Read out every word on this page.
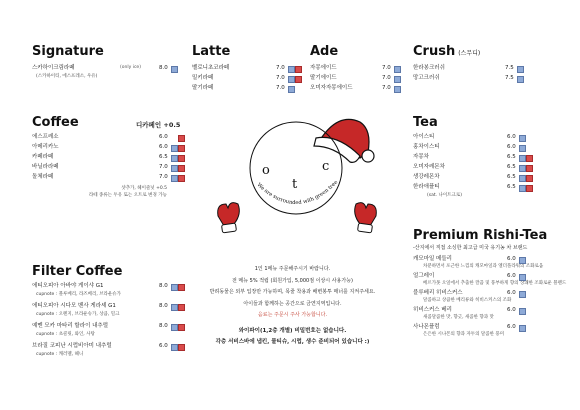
Signature
스카하이크림라떼	(only ice)	8.0
(스카하이티, 에스프레소, 우유)
Latte
벨로니초코라떼	7.0
밀키라떼	7.0
딸기라떼	7.0
Ade
자몽에이드	7.0
딸기에이드	7.0
오미자자몽에이드	7.0
Crush (스무디)
한라봉크러쉬	7.5
망고크러쉬	7.5
Coffee	디카페인 +0.5
에스프레소	6.0
아메리카노	6.0
카페라떼	6.5
바닐라라떼	7.0
돌체라떼	7.0
샷추가, 헤이즐넛 +0.5
라떼 종류는 두유 또는 오트로 변경 가능
Tea
아이스티	6.0
홍차이스티	6.0
자몽차	6.5
오미자레몬차	6.5
생강레몬차	6.5
한라애플티	6.5
(sat. 나이트크로)
Filter Coffee
에티오피아 아바야 게이샤 G1	8.0
cupnote : 블루베리, 라즈베리, 브라운슈가
에티오피아 시다모 벤사 게라셰 G1	8.0
cupnote : 오렌지, 브라운슈가, 상큼, 밀크
예멘 모카 마타리 할라이 내추럴	8.0
cupnote : 초콜릿, 와인, 사탕
브라질 코피난 시럽비아미 내추럴	6.0
cupnote : 캐러멜, 헤니
Premium Rishi-Tea
-산지에서 직접 소싱한 최고급 미국 유기농 차 브랜드
캐모마일 메들리	6.0
차분하면서 포근한 느낌의 캐모마일과 엘더플라워의 조화로움
얼그레이	6.0
베르가못 오일에서 추출한 깔끔 및 풍부하게 향의 상쾌한 조화로운 블렌드
블루베리 히비스커스	6.0
달콤하고 상큼한 베리류와 히비스커스의 조화
히비스커스 베리	6.0
새콤달콤한 맛, 향긋, 새콤한 향과 맛
사나몬플럼	6.0
은은한 시나몬의 향과 자두의 달콤한 풍미
o
t
c
We are surrounded with green tree
1인 1메뉴 주문해주시기 바랍니다.
전 메뉴 5% 적립 (회원가입, 5,000점 이상시 사용가능)
반려동물은 외부 입장만 가능하며, 목줄 착용과 배변봉투 매너를 지켜주세요.
아이들과 함께하는 공간으로 금연지역입니다.
음료는 주문시 주사 가능합니다.
와이파이(1,2층 개별) 비밀번호는 없습니다.
각층 서비스바에 냅킨, 물티슈, 시럽, 생수 준비되어 있습니다 :)
